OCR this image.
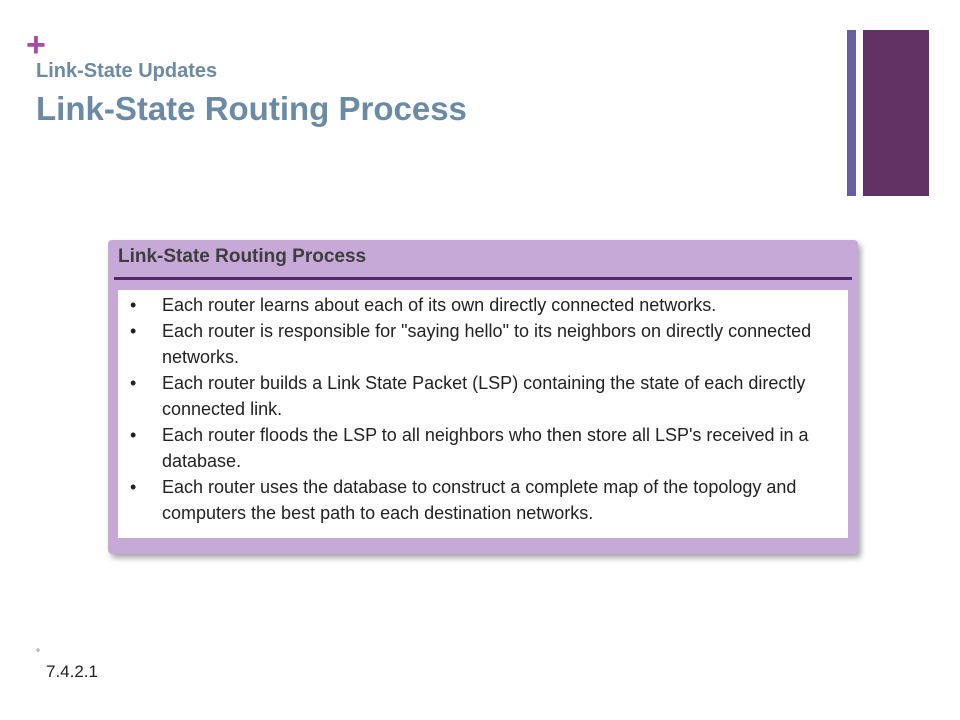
+
Link-State Updates
Link-State Routing Process
Link-State Routing Process
• Each router learns about each of its own directly connected networks.
• Each router is responsible for "saying hello" to its neighbors on directly connected networks.
• Each router builds a Link State Packet (LSP) containing the state of each directly connected link.
• Each router floods the LSP to all neighbors who then store all LSP's received in a database.
• Each router uses the database to construct a complete map of the topology and computers the best path to each destination networks.
°
7.4.2.1
